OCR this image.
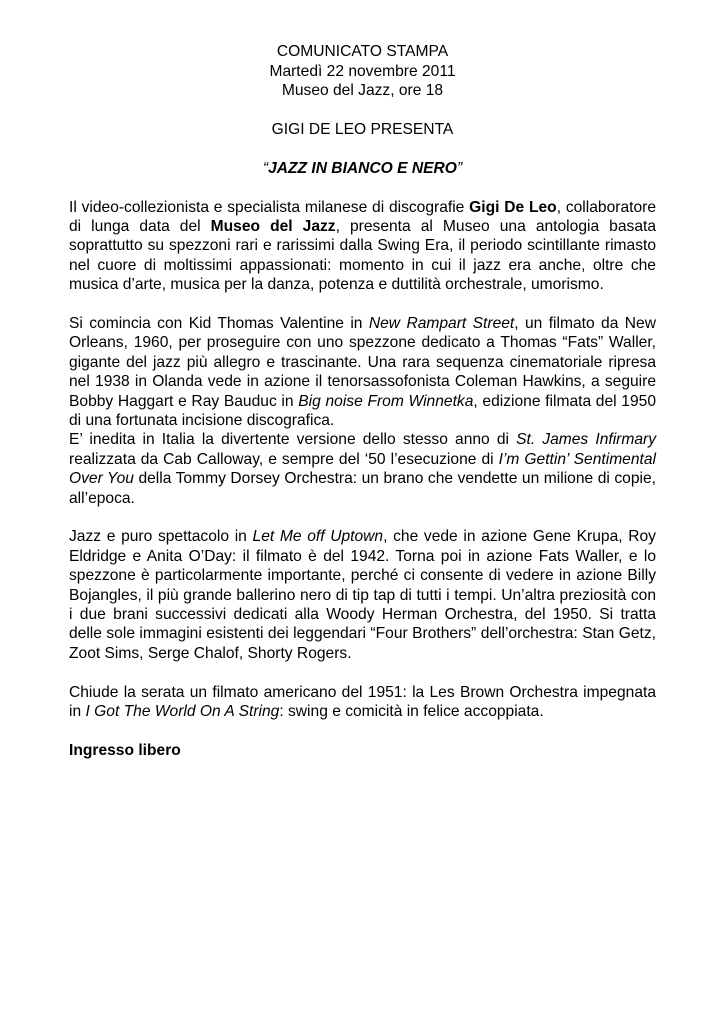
COMUNICATO STAMPA
Martedì 22 novembre 2011
Museo del Jazz, ore 18
GIGI DE LEO PRESENTA
“JAZZ IN BIANCO E NERO”

Il video-collezionista e specialista milanese di discografie Gigi De Leo, collaboratore di lunga data del Museo del Jazz, presenta al Museo una antologia basata soprattutto su spezzoni rari e rarissimi dalla Swing Era, il periodo scintillante rimasto nel cuore di moltissimi appassionati: momento in cui il jazz era anche, oltre che musica d’arte, musica per la danza, potenza e duttilità orchestrale, umorismo.

Si comincia con Kid Thomas Valentine in New Rampart Street, un filmato da New Orleans, 1960, per proseguire con uno spezzone dedicato a Thomas “Fats” Waller, gigante del jazz più allegro e trascinante. Una rara sequenza cinematoriale ripresa nel 1938 in Olanda vede in azione il tenorsassofonista Coleman Hawkins, a seguire Bobby Haggart e Ray Bauduc in Big noise From Winnetka, edizione filmata del 1950 di una fortunata incisione discografica.

E’ inedita in Italia la divertente versione dello stesso anno di St. James Infirmary realizzata da Cab Calloway, e sempre del ‘50 l’esecuzione di I’m Gettin’ Sentimental Over You della Tommy Dorsey Orchestra: un brano che vendette un milione di copie, all’epoca.

Jazz e puro spettacolo in Let Me off Uptown, che vede in azione Gene Krupa, Roy Eldridge e Anita O’Day: il filmato è del 1942. Torna poi in azione Fats Waller, e lo spezzone è particolarmente importante, perché ci consente di vedere in azione Billy Bojangles, il più grande ballerino nero di tip tap di tutti i tempi. Un’altra preziosità con i due brani successivi dedicati alla Woody Herman Orchestra, del 1950. Si tratta delle sole immagini esistenti dei leggendari “Four Brothers” dell’orchestra: Stan Getz, Zoot Sims, Serge Chalof, Shorty Rogers.

Chiude la serata un filmato americano del 1951: la Les Brown Orchestra impegnata in I Got The World On A String: swing e comicità in felice accoppiata.

Ingresso libero
